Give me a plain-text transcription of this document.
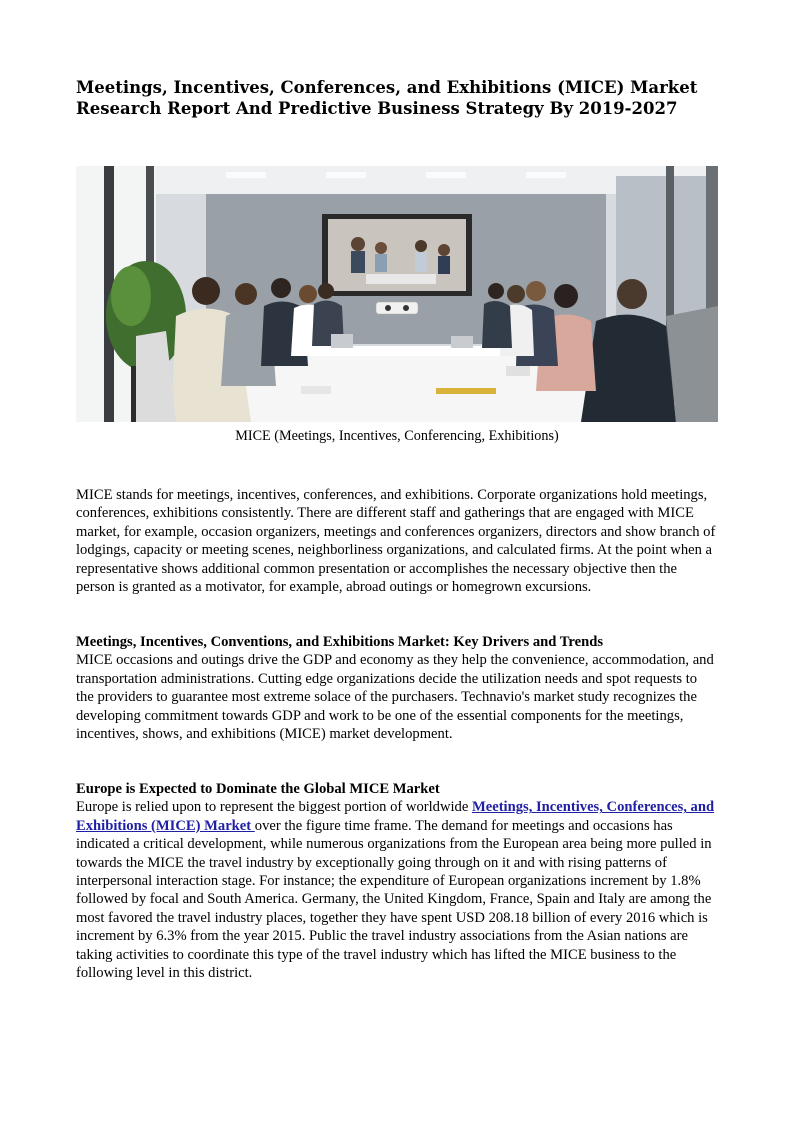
Meetings, Incentives, Conferences, and Exhibitions (MICE) Market Research Report And Predictive Business Strategy By 2019-2027
MICE (Meetings, Incentives, Conferencing, Exhibitions)

MICE stands for meetings, incentives, conferences, and exhibitions. Corporate organizations hold meetings, conferences, exhibitions consistently. There are different staff and gatherings that are engaged with MICE market, for example, occasion organizers, meetings and conferences organizers, directors and show branch of lodgings, capacity or meeting scenes, neighborliness organizations, and calculated firms. At the point when a representative shows additional common presentation or accomplishes the necessary objective then the person is granted as a motivator, for example, abroad outings or homegrown excursions.

Meetings, Incentives, Conventions, and Exhibitions Market: Key Drivers and Trends
MICE occasions and outings drive the GDP and economy as they help the convenience, accommodation, and transportation administrations. Cutting edge organizations decide the utilization needs and spot requests to the providers to guarantee most extreme solace of the purchasers. Technavio's market study recognizes the developing commitment towards GDP and work to be one of the essential components for the meetings, incentives, shows, and exhibitions (MICE) market development.
Europe is Expected to Dominate the Global MICE Market
Europe is relied upon to represent the biggest portion of worldwide Meetings, Incentives, Conferences, and Exhibitions (MICE) Market over the figure time frame. The demand for meetings and occasions has indicated a critical development, while numerous organizations from the European area being more pulled in towards the MICE the travel industry by exceptionally going through on it and with rising patterns of interpersonal interaction stage. For instance; the expenditure of European organizations increment by 1.8% followed by focal and South America. Germany, the United Kingdom, France, Spain and Italy are among the most favored the travel industry places, together they have spent USD 208.18 billion of every 2016 which is increment by 6.3% from the year 2015. Public the travel industry associations from the Asian nations are taking activities to coordinate this type of the travel industry which has lifted the MICE business to the following level in this district.
